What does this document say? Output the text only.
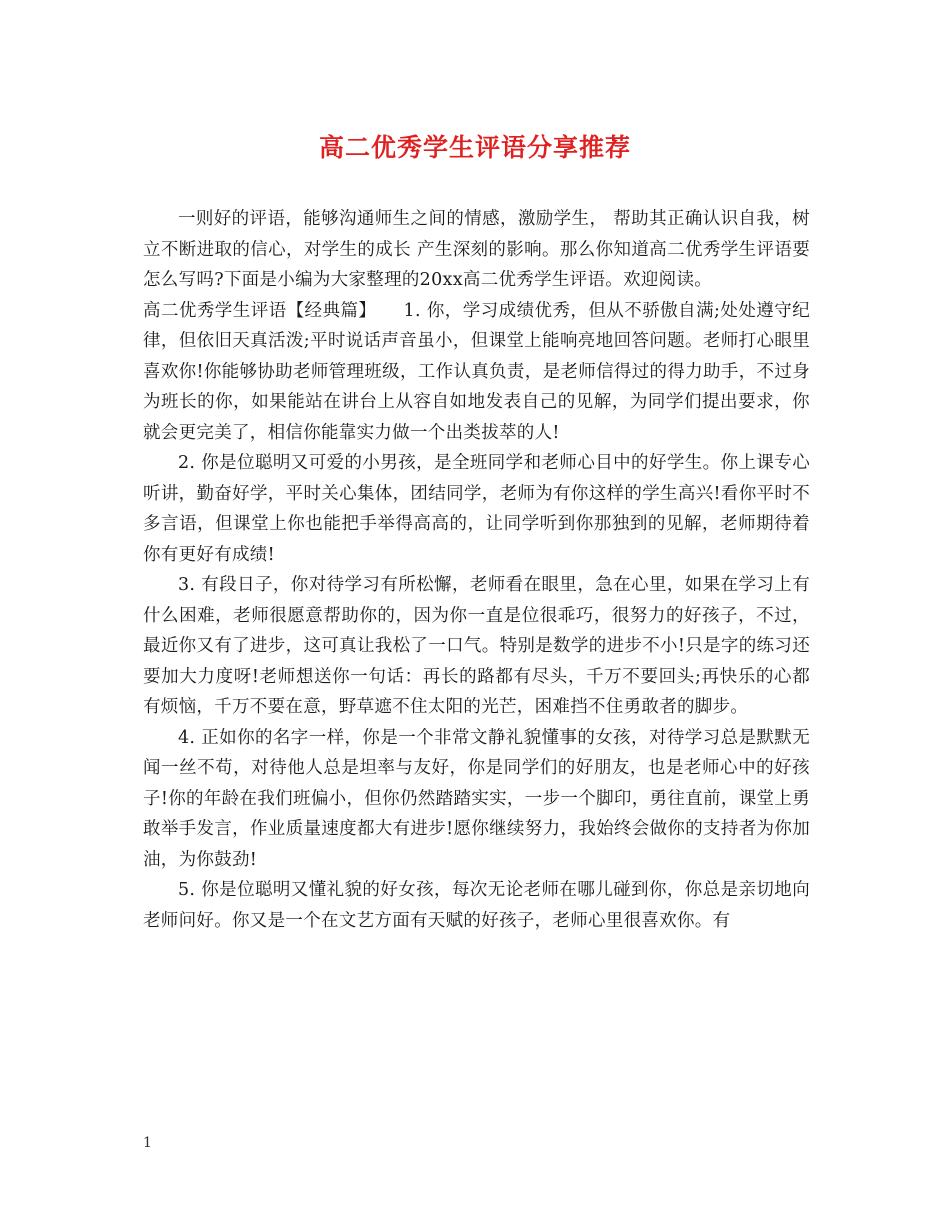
高二优秀学生评语分享推荐

一则好的评语，能够沟通师生之间的情感，激励学生， 帮助其正确认识自我，树立不断进取的信心，对学生的成长 产生深刻的影响。那么你知道高二优秀学生评语要怎么写吗?下面是小编为大家整理的20xx高二优秀学生评语。欢迎阅读。

高二优秀学生评语【经典篇】　　1. 你，学习成绩优秀，但从不骄傲自满;处处遵守纪律，但依旧天真活泼;平时说话声音虽小，但课堂上能响亮地回答问题。老师打心眼里喜欢你!你能够协助老师管理班级，工作认真负责，是老师信得过的得力助手，不过身为班长的你，如果能站在讲台上从容自如地发表自己的见解，为同学们提出要求，你就会更完美了，相信你能靠实力做一个出类拔萃的人!

2. 你是位聪明又可爱的小男孩，是全班同学和老师心目中的好学生。你上课专心听讲，勤奋好学，平时关心集体，团结同学，老师为有你这样的学生高兴!看你平时不多言语，但课堂上你也能把手举得高高的，让同学听到你那独到的见解，老师期待着你有更好有成绩!

3. 有段日子，你对待学习有所松懈，老师看在眼里，急在心里，如果在学习上有什么困难，老师很愿意帮助你的，因为你一直是位很乖巧，很努力的好孩子，不过，最近你又有了进步，这可真让我松了一口气。特别是数学的进步不小!只是字的练习还要加大力度呀!老师想送你一句话：再长的路都有尽头，千万不要回头;再快乐的心都有烦恼，千万不要在意，野草遮不住太阳的光芒，困难挡不住勇敢者的脚步。

4. 正如你的名字一样，你是一个非常文静礼貌懂事的女孩，对待学习总是默默无闻一丝不苟，对待他人总是坦率与友好，你是同学们的好朋友，也是老师心中的好孩子!你的年龄在我们班偏小，但你仍然踏踏实实，一步一个脚印，勇往直前，课堂上勇敢举手发言，作业质量速度都大有进步!愿你继续努力，我始终会做你的支持者为你加油，为你鼓劲!

5. 你是位聪明又懂礼貌的好女孩，每次无论老师在哪儿碰到你，你总是亲切地向老师问好。你又是一个在文艺方面有天赋的好孩子，老师心里很喜欢你。有

1
